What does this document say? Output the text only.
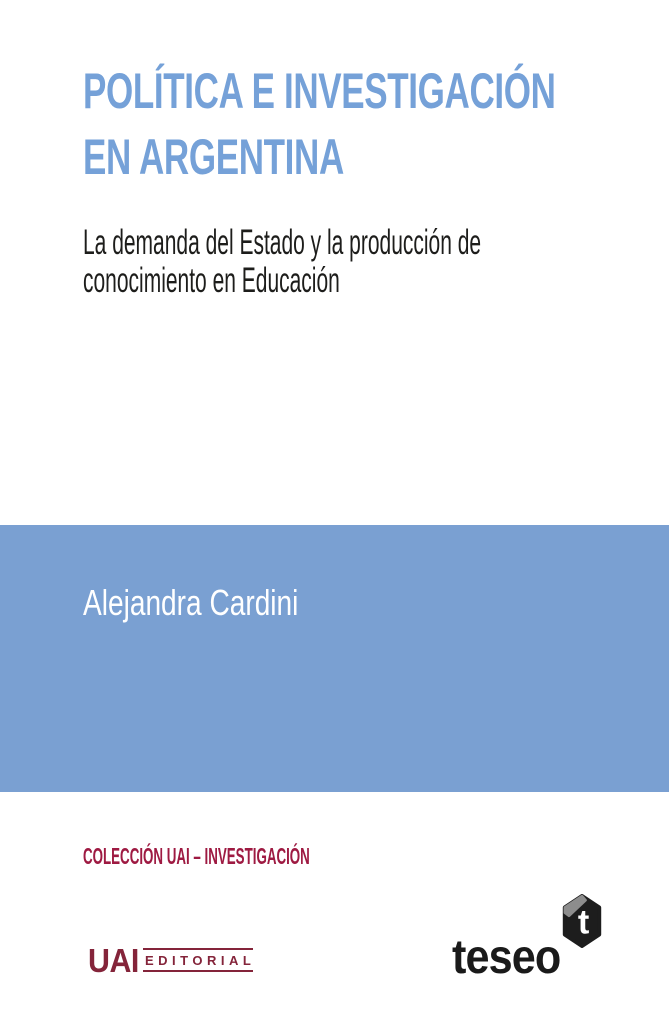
POLÍTICA E INVESTIGACIÓN
EN ARGENTINA
La demanda del Estado y la producción de
conocimiento en Educación
Alejandra Cardini
COLECCIÓN UAI – INVESTIGACIÓN
UAI EDITORIAL
t
teseo
